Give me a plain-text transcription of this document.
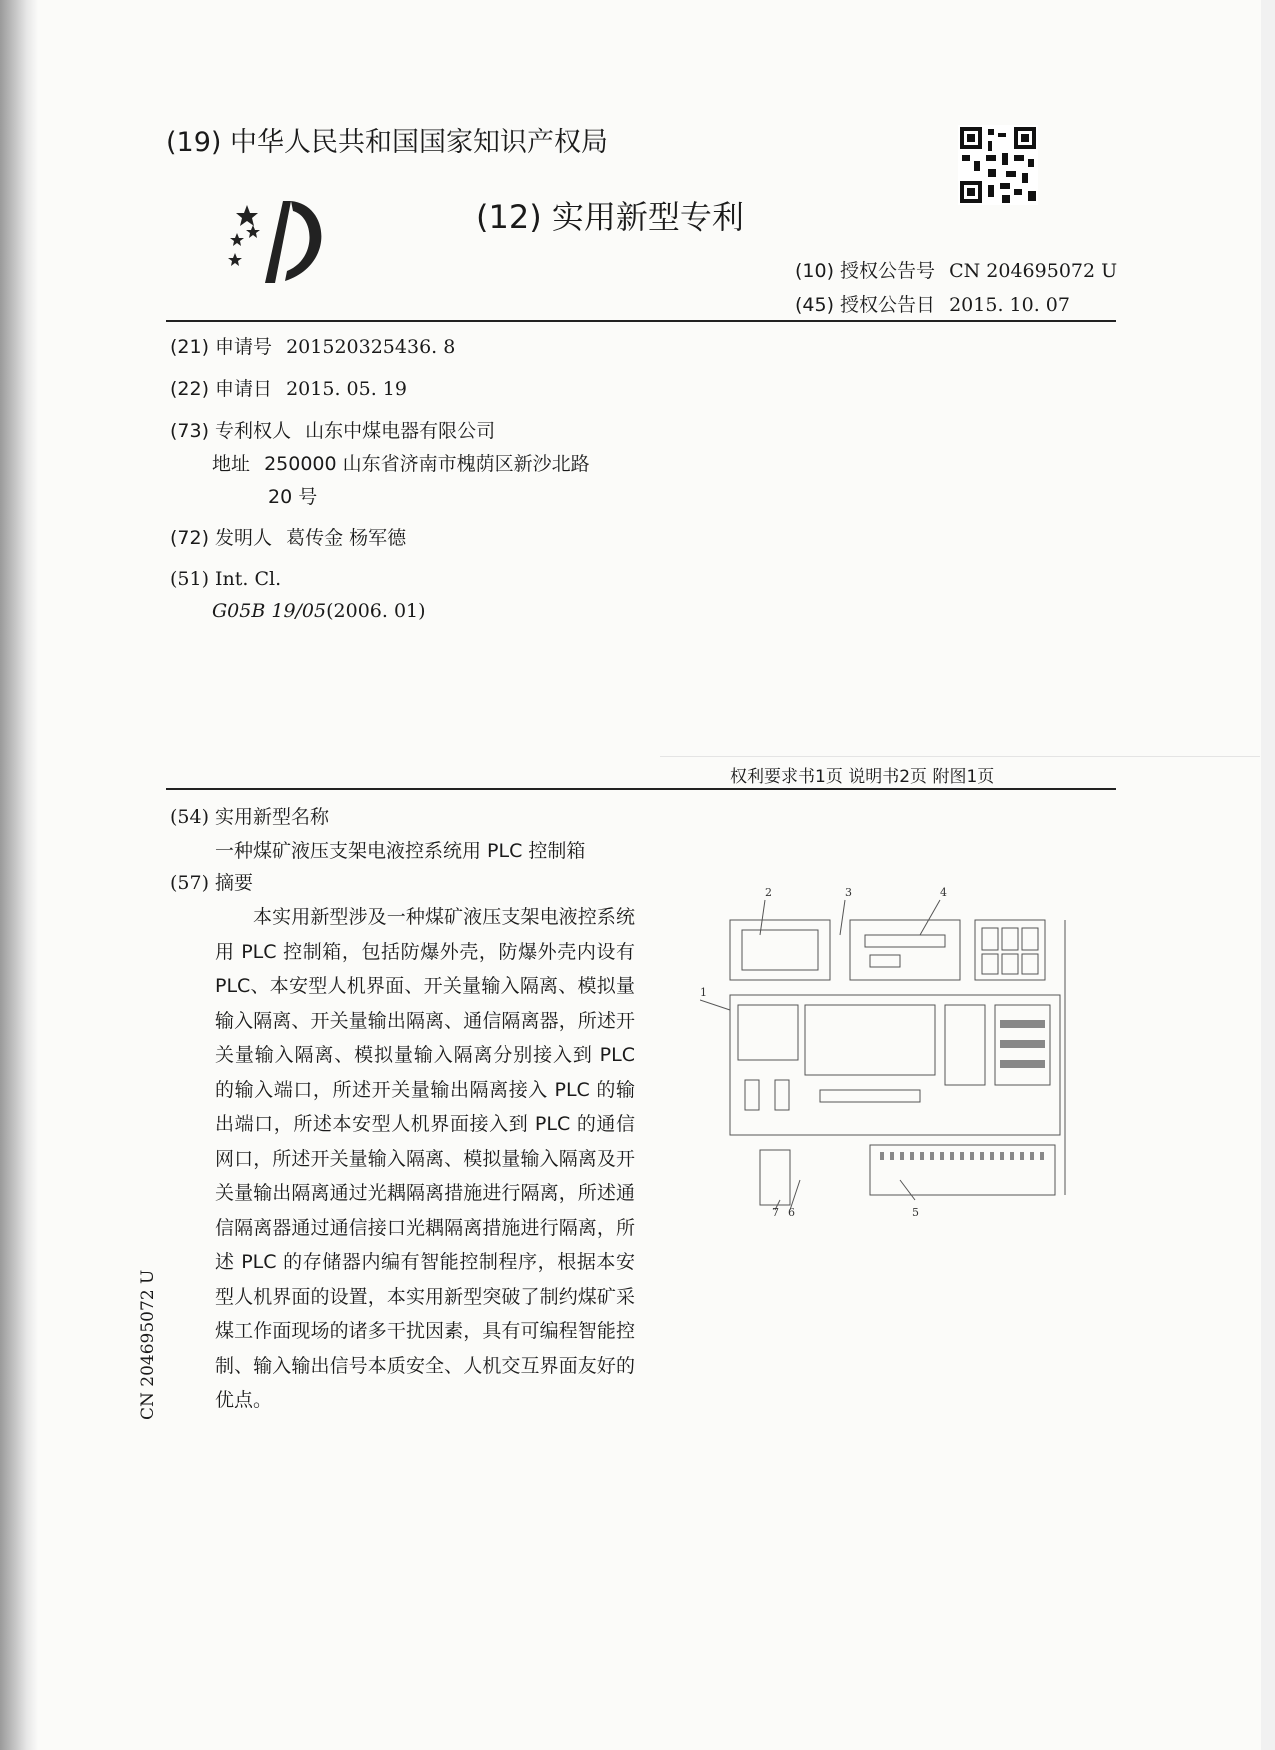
(19) 中华人民共和国国家知识产权局
(12) 实用新型专利
(10) 授权公告号 CN 204695072 U
(45) 授权公告日 2015. 10. 07
(21) 申请号 201520325436. 8
(22) 申请日 2015. 05. 19
(73) 专利权人 山东中煤电器有限公司
地址 250000 山东省济南市槐荫区新沙北路
20 号
(72) 发明人 葛传金 杨军德
(51) Int. Cl.
G05B 19/05(2006. 01)
权利要求书1页 说明书2页 附图1页
(54) 实用新型名称
一种煤矿液压支架电液控系统用 PLC 控制箱
(57) 摘要
本实用新型涉及一种煤矿液压支架电液控系统用 PLC 控制箱，包括防爆外壳，防爆外壳内设有 PLC、本安型人机界面、开关量输入隔离、模拟量输入隔离、开关量输出隔离、通信隔离器，所述开关量输入隔离、模拟量输入隔离分别接入到 PLC 的输入端口，所述开关量输出隔离接入 PLC 的输出端口，所述本安型人机界面接入到 PLC 的通信网口，所述开关量输入隔离、模拟量输入隔离及开关量输出隔离通过光耦隔离措施进行隔离，所述通信隔离器通过通信接口光耦隔离措施进行隔离，所述 PLC 的存储器内编有智能控制程序，根据本安型人机界面的设置，本实用新型突破了制约煤矿采煤工作面现场的诸多干扰因素，具有可编程智能控制、输入输出信号本质安全、人机交互界面友好的优点。
1
2	3	4
5
6
7
CN 204695072 U
